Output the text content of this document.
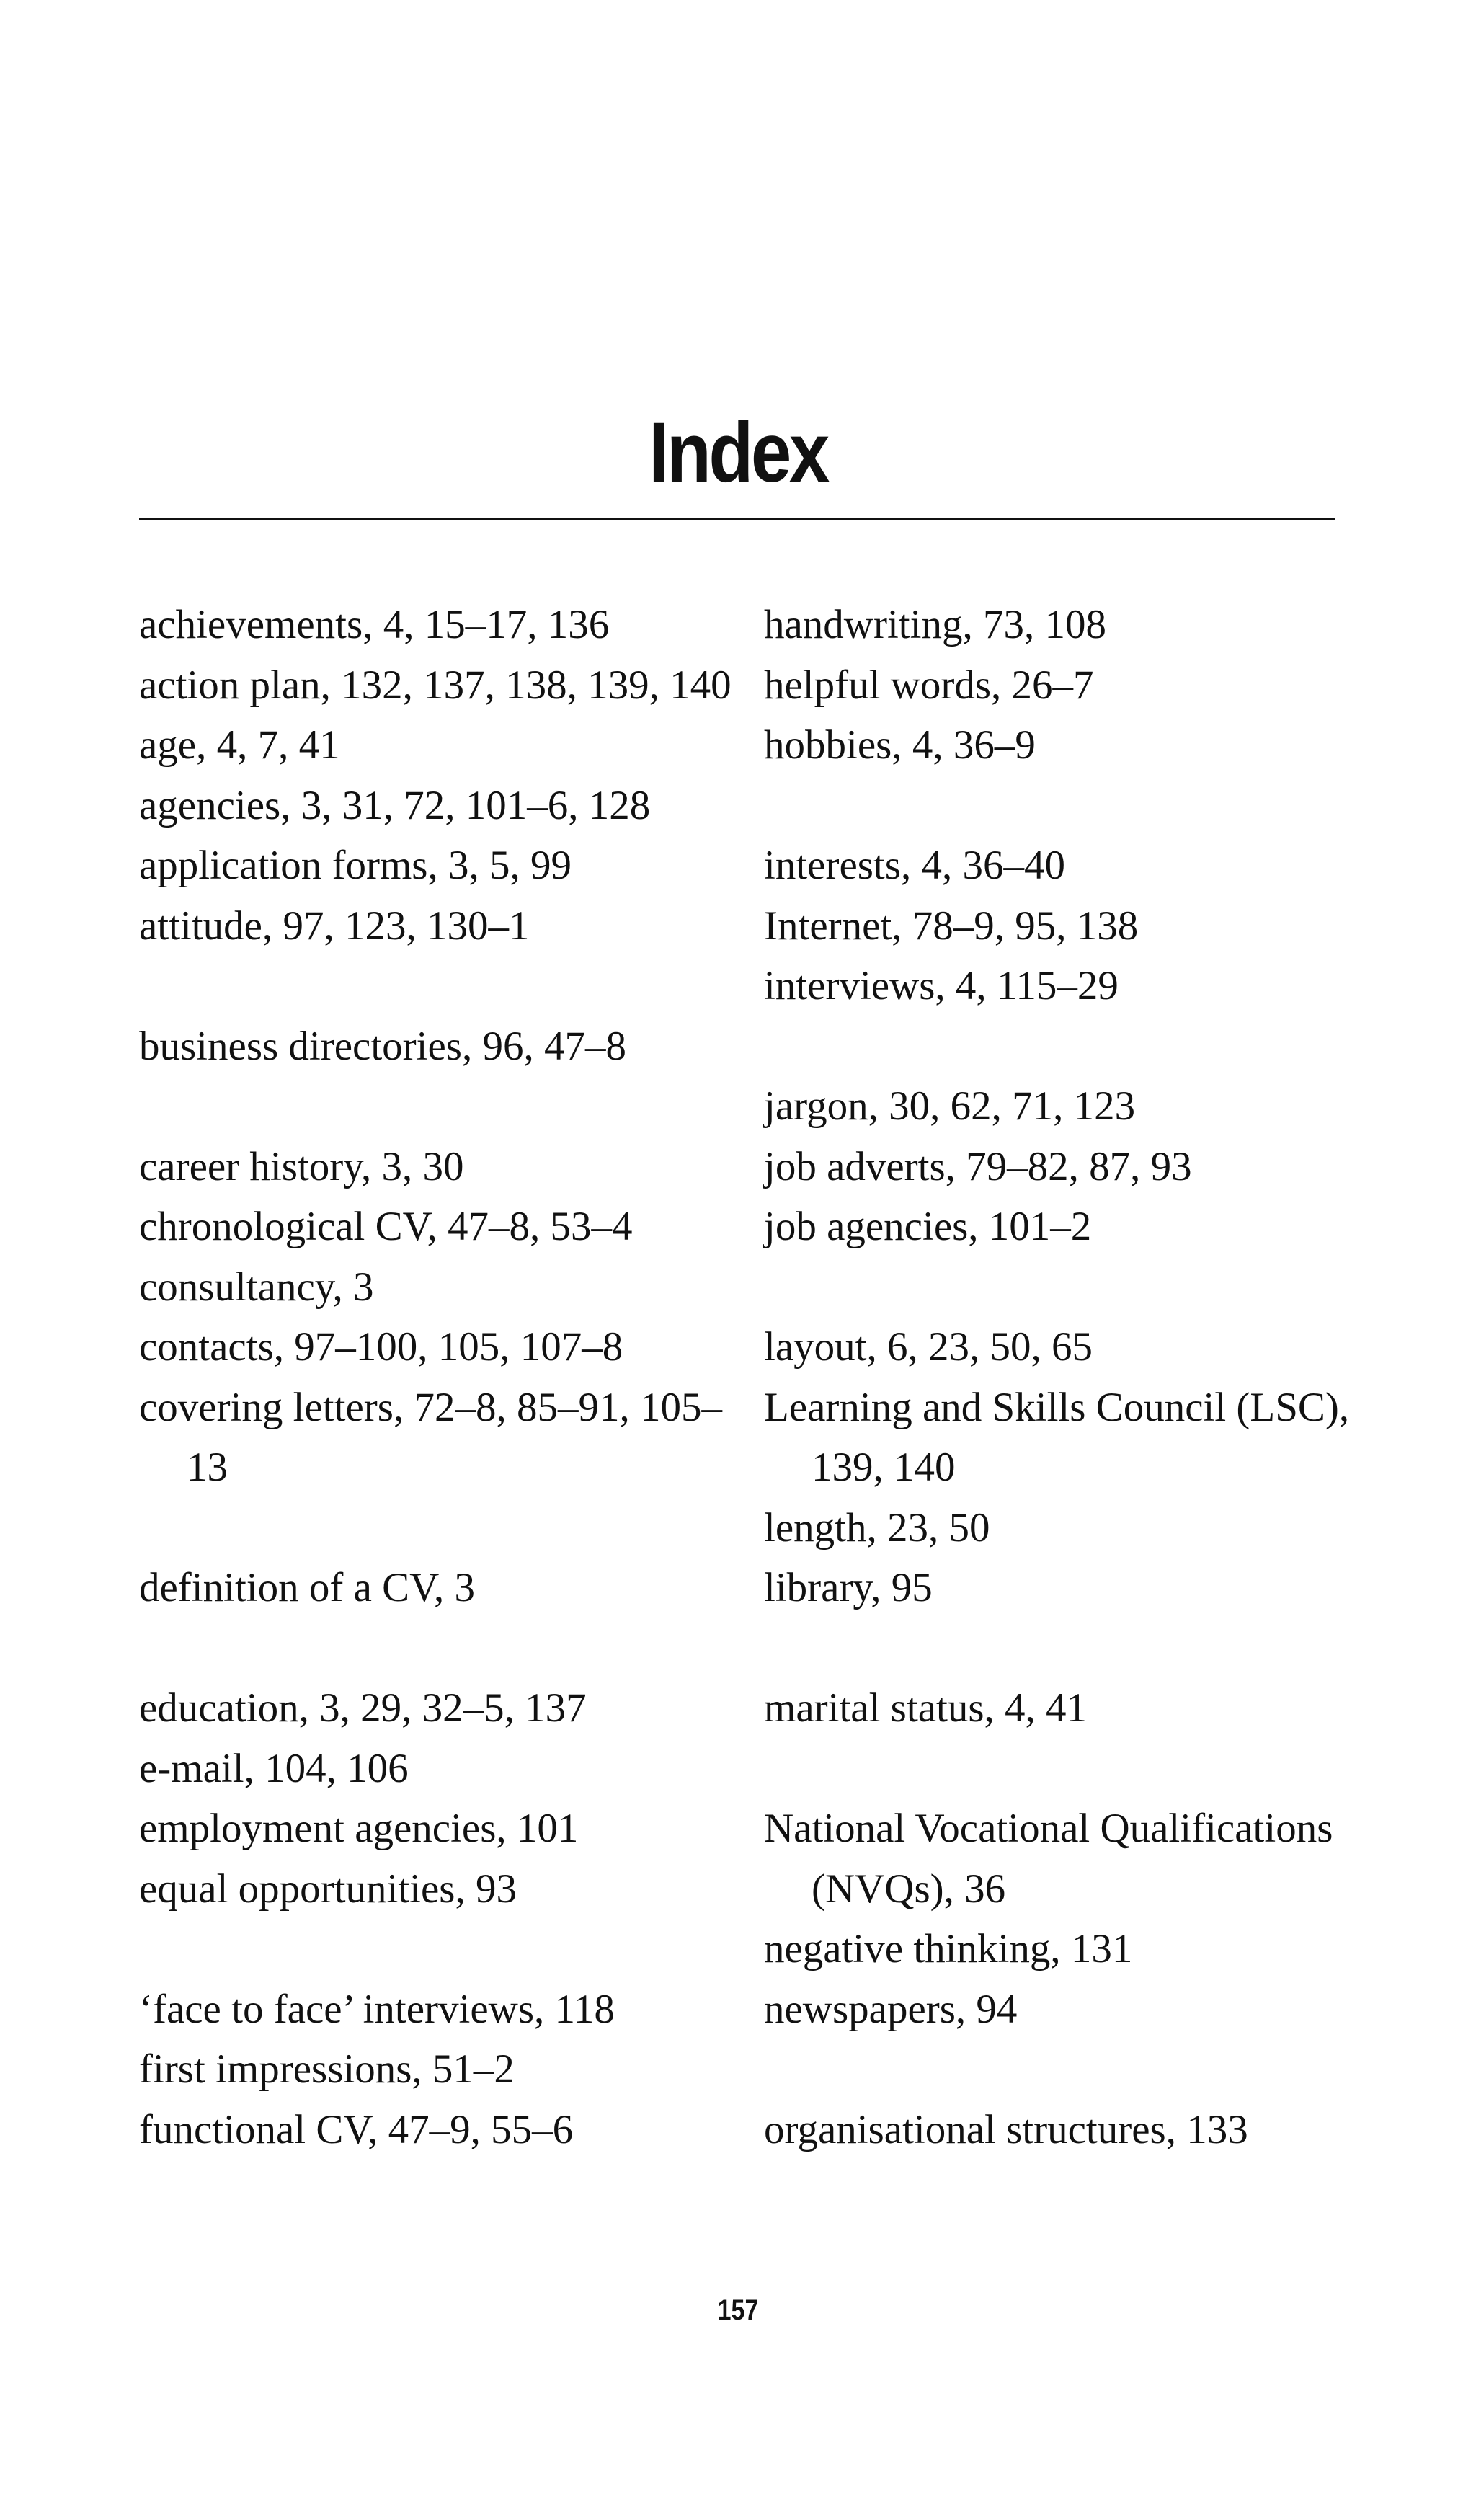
Index

achievements, 4, 15–17, 136

action plan, 132, 137, 138, 139, 140

age, 4, 7, 41

agencies, 3, 31, 72, 101–6, 128

application forms, 3, 5, 99

attitude, 97, 123, 130–1

business directories, 96, 47–8

career history, 3, 30

chronological CV, 47–8, 53–4

consultancy, 3

contacts, 97–100, 105, 107–8

covering letters, 72–8, 85–91, 105–13

definition of a CV, 3

education, 3, 29, 32–5, 137

e-mail, 104, 106

employment agencies, 101

equal opportunities, 93

‘face to face’ interviews, 118

first impressions, 51–2

functional CV, 47–9, 55–6

handwriting, 73, 108

helpful words, 26–7

hobbies, 4, 36–9

interests, 4, 36–40

Internet, 78–9, 95, 138

interviews, 4, 115–29

jargon, 30, 62, 71, 123

job adverts, 79–82, 87, 93

job agencies, 101–2

layout, 6, 23, 50, 65

Learning and Skills Council (LSC), 139, 140

length, 23, 50

library, 95

marital status, 4, 41

National Vocational Qualifications (NVQs), 36

negative thinking, 131

newspapers, 94

organisational structures, 133

157
